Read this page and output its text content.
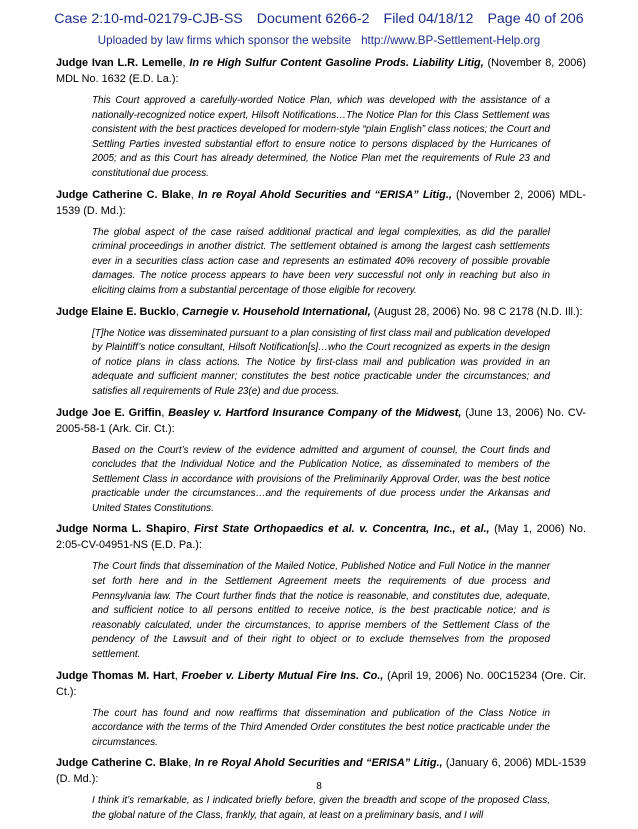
Case 2:10-md-02179-CJB-SS Document 6266-2 Filed 04/18/12 Page 40 of 206
Uploaded by law firms which sponsor the website http://www.BP-Settlement-Help.org

Judge Ivan L.R. Lemelle, In re High Sulfur Content Gasoline Prods. Liability Litig, (November 8, 2006) MDL No. 1632 (E.D. La.):

This Court approved a carefully-worded Notice Plan, which was developed with the assistance of a nationally-recognized notice expert, Hilsoft Notifications…The Notice Plan for this Class Settlement was consistent with the best practices developed for modern-style “plain English” class notices; the Court and Settling Parties invested substantial effort to ensure notice to persons displaced by the Hurricanes of 2005; and as this Court has already determined, the Notice Plan met the requirements of Rule 23 and constitutional due process.

Judge Catherine C. Blake, In re Royal Ahold Securities and “ERISA” Litig., (November 2, 2006) MDL-1539 (D. Md.):

The global aspect of the case raised additional practical and legal complexities, as did the parallel criminal proceedings in another district. The settlement obtained is among the largest cash settlements ever in a securities class action case and represents an estimated 40% recovery of possible provable damages. The notice process appears to have been very successful not only in reaching but also in eliciting claims from a substantial percentage of those eligible for recovery.

Judge Elaine E. Bucklo, Carnegie v. Household International, (August 28, 2006) No. 98 C 2178 (N.D. Ill.):

[T]he Notice was disseminated pursuant to a plan consisting of first class mail and publication developed by Plaintiff’s notice consultant, Hilsoft Notification[s]…who the Court recognized as experts in the design of notice plans in class actions. The Notice by first-class mail and publication was provided in an adequate and sufficient manner; constitutes the best notice practicable under the circumstances; and satisfies all requirements of Rule 23(e) and due process.

Judge Joe E. Griffin, Beasley v. Hartford Insurance Company of the Midwest, (June 13, 2006) No. CV-2005-58-1 (Ark. Cir. Ct.):

Based on the Court’s review of the evidence admitted and argument of counsel, the Court finds and concludes that the Individual Notice and the Publication Notice, as disseminated to members of the Settlement Class in accordance with provisions of the Preliminarily Approval Order, was the best notice practicable under the circumstances…and the requirements of due process under the Arkansas and United States Constitutions.

Judge Norma L. Shapiro, First State Orthopaedics et al. v. Concentra, Inc., et al., (May 1, 2006) No. 2:05-CV-04951-NS (E.D. Pa.):

The Court finds that dissemination of the Mailed Notice, Published Notice and Full Notice in the manner set forth here and in the Settlement Agreement meets the requirements of due process and Pennsylvania law. The Court further finds that the notice is reasonable, and constitutes due, adequate, and sufficient notice to all persons entitled to receive notice, is the best practicable notice; and is reasonably calculated, under the circumstances, to apprise members of the Settlement Class of the pendency of the Lawsuit and of their right to object or to exclude themselves from the proposed settlement.

Judge Thomas M. Hart, Froeber v. Liberty Mutual Fire Ins. Co., (April 19, 2006) No. 00C15234 (Ore. Cir. Ct.):

The court has found and now reaffirms that dissemination and publication of the Class Notice in accordance with the terms of the Third Amended Order constitutes the best notice practicable under the circumstances.

Judge Catherine C. Blake, In re Royal Ahold Securities and “ERISA” Litig., (January 6, 2006) MDL-1539 (D. Md.):

I think it’s remarkable, as I indicated briefly before, given the breadth and scope of the proposed Class, the global nature of the Class, frankly, that again, at least on a preliminary basis, and I will

8
